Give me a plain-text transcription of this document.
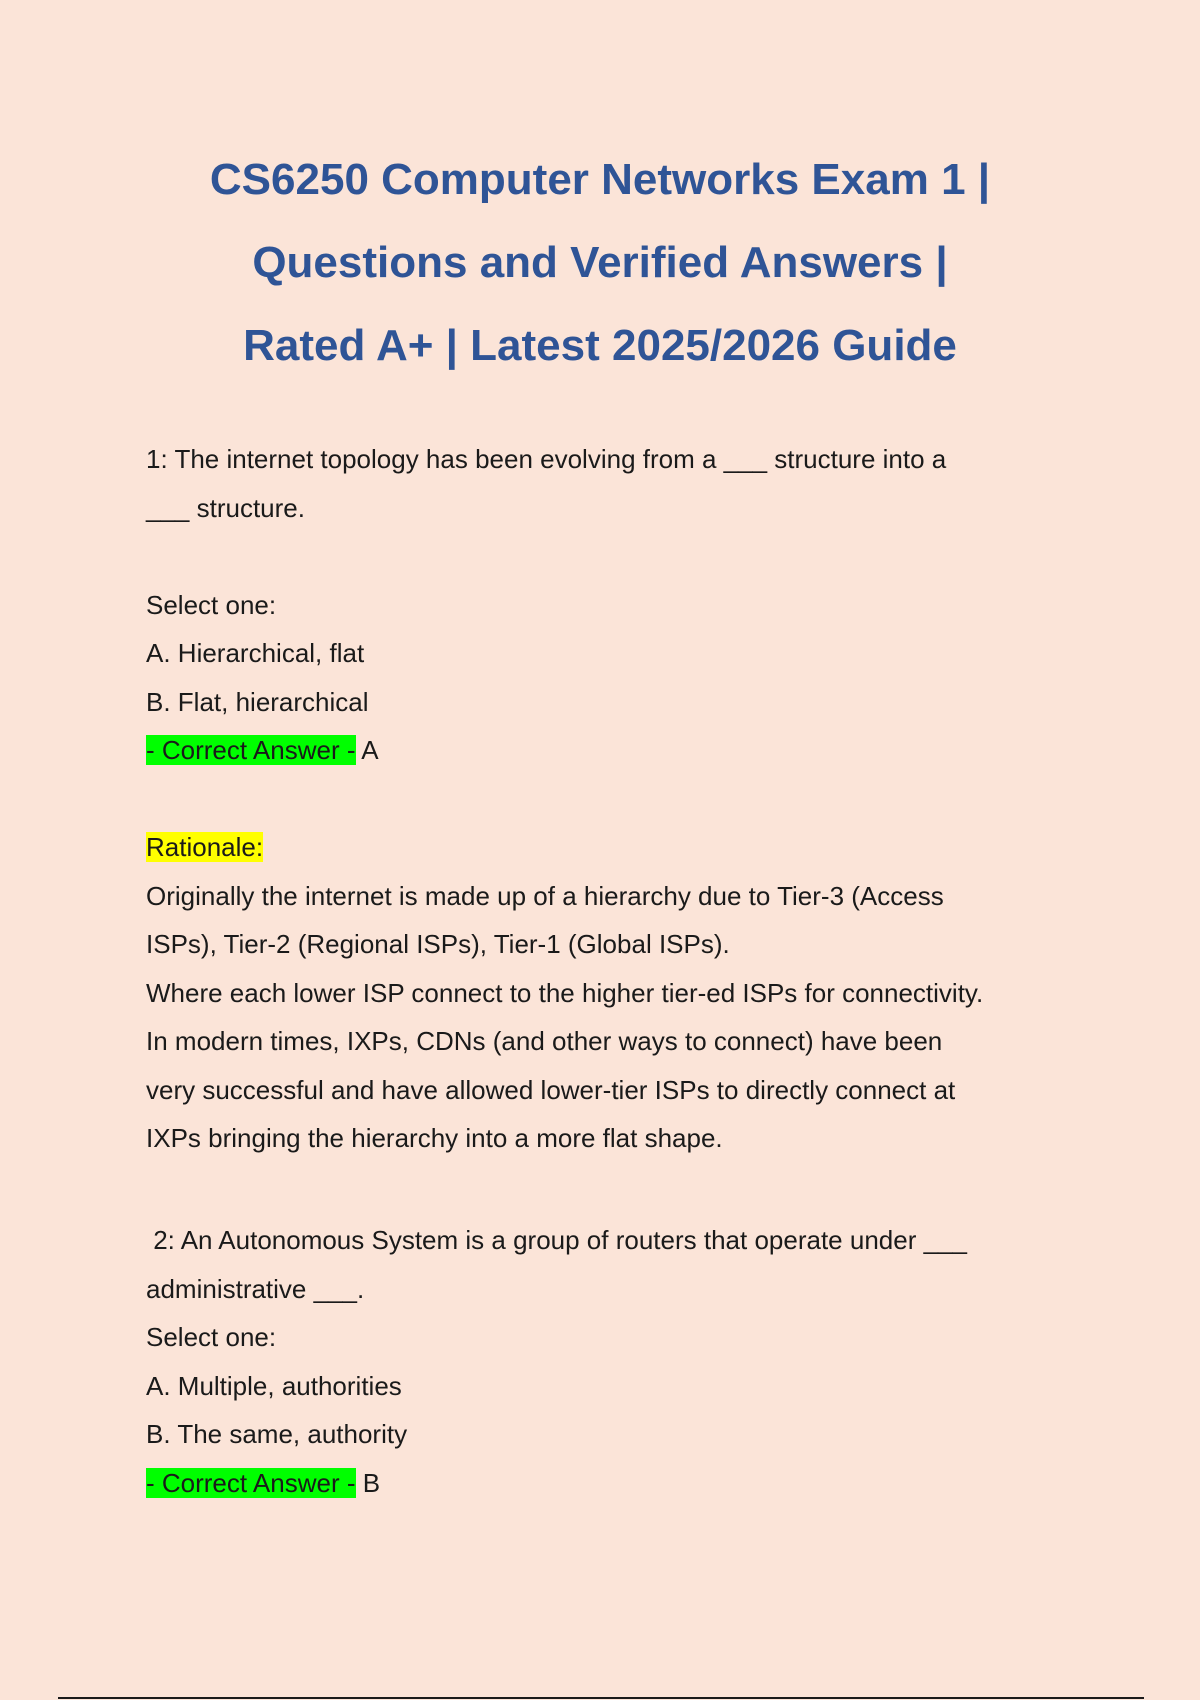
CS6250 Computer Networks Exam 1 |
Questions and Verified Answers |
Rated A+ | Latest 2025/2026 Guide
1: The internet topology has been evolving from a ___ structure into a
___ structure.
Select one:
A. Hierarchical, flat
B. Flat, hierarchical
- Correct Answer - A
Rationale:
Originally the internet is made up of a hierarchy due to Tier-3 (Access
ISPs), Tier-2 (Regional ISPs), Tier-1 (Global ISPs).
Where each lower ISP connect to the higher tier-ed ISPs for connectivity.
In modern times, IXPs, CDNs (and other ways to connect) have been
very successful and have allowed lower-tier ISPs to directly connect at
IXPs bringing the hierarchy into a more flat shape.
2: An Autonomous System is a group of routers that operate under ___
administrative ___.
Select one:
A. Multiple, authorities
B. The same, authority
- Correct Answer - B
